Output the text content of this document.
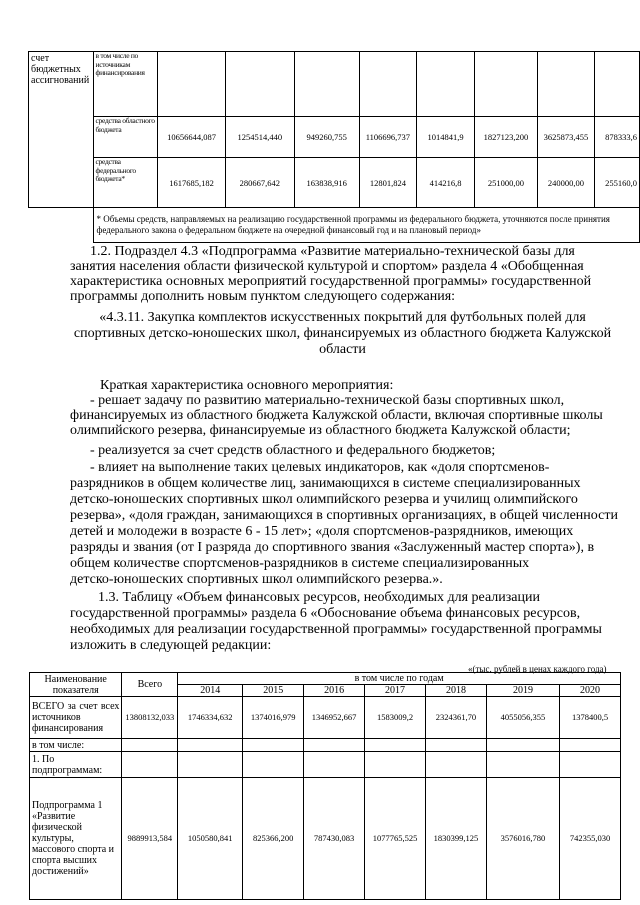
счет бюджетных ассигнований	в том числе по источникам финансирования								
	средства областного бюджета	10656644,087	1254514,440	949260,755	1106696,737	1014841,9	1827123,200	3625873,455	878333,6
	средства федерального бюджета*	1617685,182	280667,642	163838,916	12801,824	414216,8	251000,00	240000,00	255160,0
	* Объемы средств, направляемых на реализацию государственной программы из федерального бюджета, уточняются после принятия федерального закона о федеральном бюджете на очередной финансовый год и на плановый период»								
1.2. Подраздел 4.3 «Подпрограмма «Развитие материально-технической базы для
занятия населения области физической культурой и спортом» раздела 4 «Обобщенная
характеристика основных мероприятий государственной программы» государственной
программы дополнить новым пунктом следующего содержания:
«4.3.11. Закупка комплектов искусственных покрытий для футбольных полей для
спортивных детско-юношеских школ, финансируемых из областного бюджета Калужской
области
Краткая характеристика основного мероприятия:
- решает задачу по развитию материально-технической базы спортивных школ,
финансируемых из областного бюджета Калужской области, включая спортивные школы
олимпийского резерва, финансируемые из областного бюджета Калужской области;
- реализуется за счет средств областного и федерального бюджетов;
- влияет на выполнение таких целевых индикаторов, как «доля спортсменов-
разрядников в общем количестве лиц, занимающихся в системе специализированных
детско-юношеских спортивных школ олимпийского резерва и училищ олимпийского
резерва», «доля граждан, занимающихся в спортивных организациях, в общей численности
детей и молодежи в возрасте 6 - 15 лет»; «доля спортсменов-разрядников, имеющих
разряды и звания (от I разряда до спортивного звания «Заслуженный мастер спорта»), в
общем количестве спортсменов-разрядников в системе специализированных
детско-юношеских спортивных школ олимпийского резерва.».
1.3. Таблицу «Объем финансовых ресурсов, необходимых для реализации
государственной программы» раздела 6 «Обоснование объема финансовых ресурсов,
необходимых для реализации государственной программы» государственной программы
изложить в следующей редакции:
«(тыс. рублей в ценах каждого года)
Наименование показателя	Всего	в том числе по годам						
		2014	2015	2016	2017	2018	2019	2020
ВСЕГО за счет всех источников финансирования	13808132,033	1746334,632	1374016,979	1346952,667	1583009,2	2324361,70	4055056,355	1378400,5
в том числе:								
1. По подпрограммам:								
Подпрограмма 1 «Развитие физической культуры, массового спорта и спорта высших достижений»	9889913,584	1050580,841	825366,200	787430,083	1077765,525	1830399,125	3576016,780	742355,030
